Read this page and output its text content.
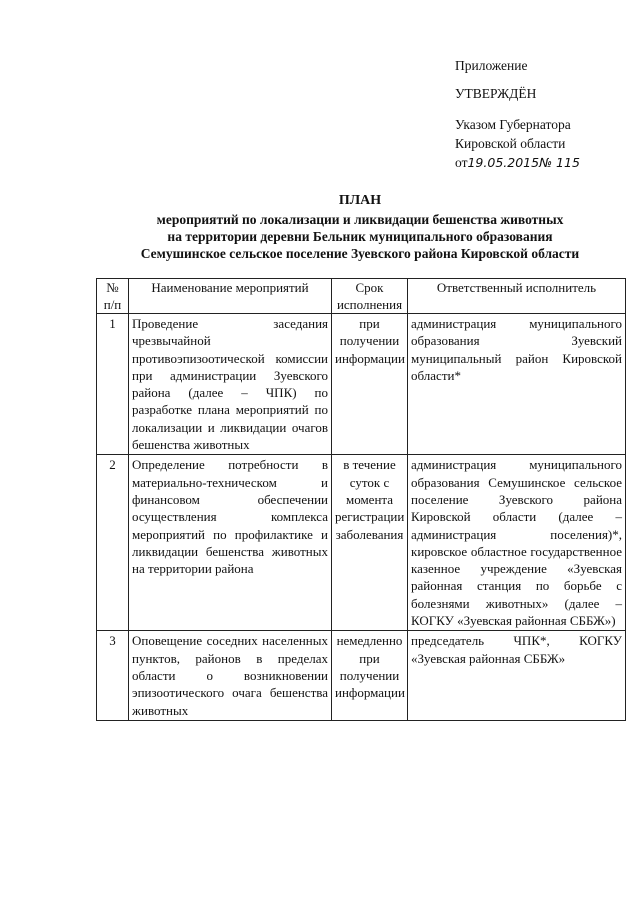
Приложение
УТВЕРЖДЁН
Указом Губернатора
Кировской области
от19.05.2015№ 115
ПЛАН
мероприятий по локализации и ликвидации бешенства животных
на территории деревни Бельник муниципального образования
Семушинское сельское поселение Зуевского района Кировской области
№ п/п	Наименование мероприятий	Срок исполнения	Ответственный исполнитель
1	Проведение заседания чрезвычайной противоэпизоотической комиссии при администрации Зуевского района (далее – ЧПК) по разработке плана мероприятий по локализации и ликвидации очагов бешенства животных	при получении информации	администрация муниципального образования Зуевский муниципальный район Кировской области*
2	Определение потребности в материально-техническом и финансовом обеспечении осуществления комплекса мероприятий по профилактике и ликвидации бешенства животных на территории района	в течение суток с момента регистрации заболевания	администрация муниципального образования Семушинское сельское поселение Зуевского района Кировской области (далее – администрация поселения)*, кировское областное государственное казенное учреждение «Зуевская районная станция по борьбе с болезнями животных» (далее – КОГКУ «Зуевская районная СББЖ»)
3	Оповещение соседних населенных пунктов, районов в пределах области о возникновении эпизоотического очага бешенства животных	немедленно при получении информации	председатель ЧПК*, КОГКУ «Зуевская районная СББЖ»
